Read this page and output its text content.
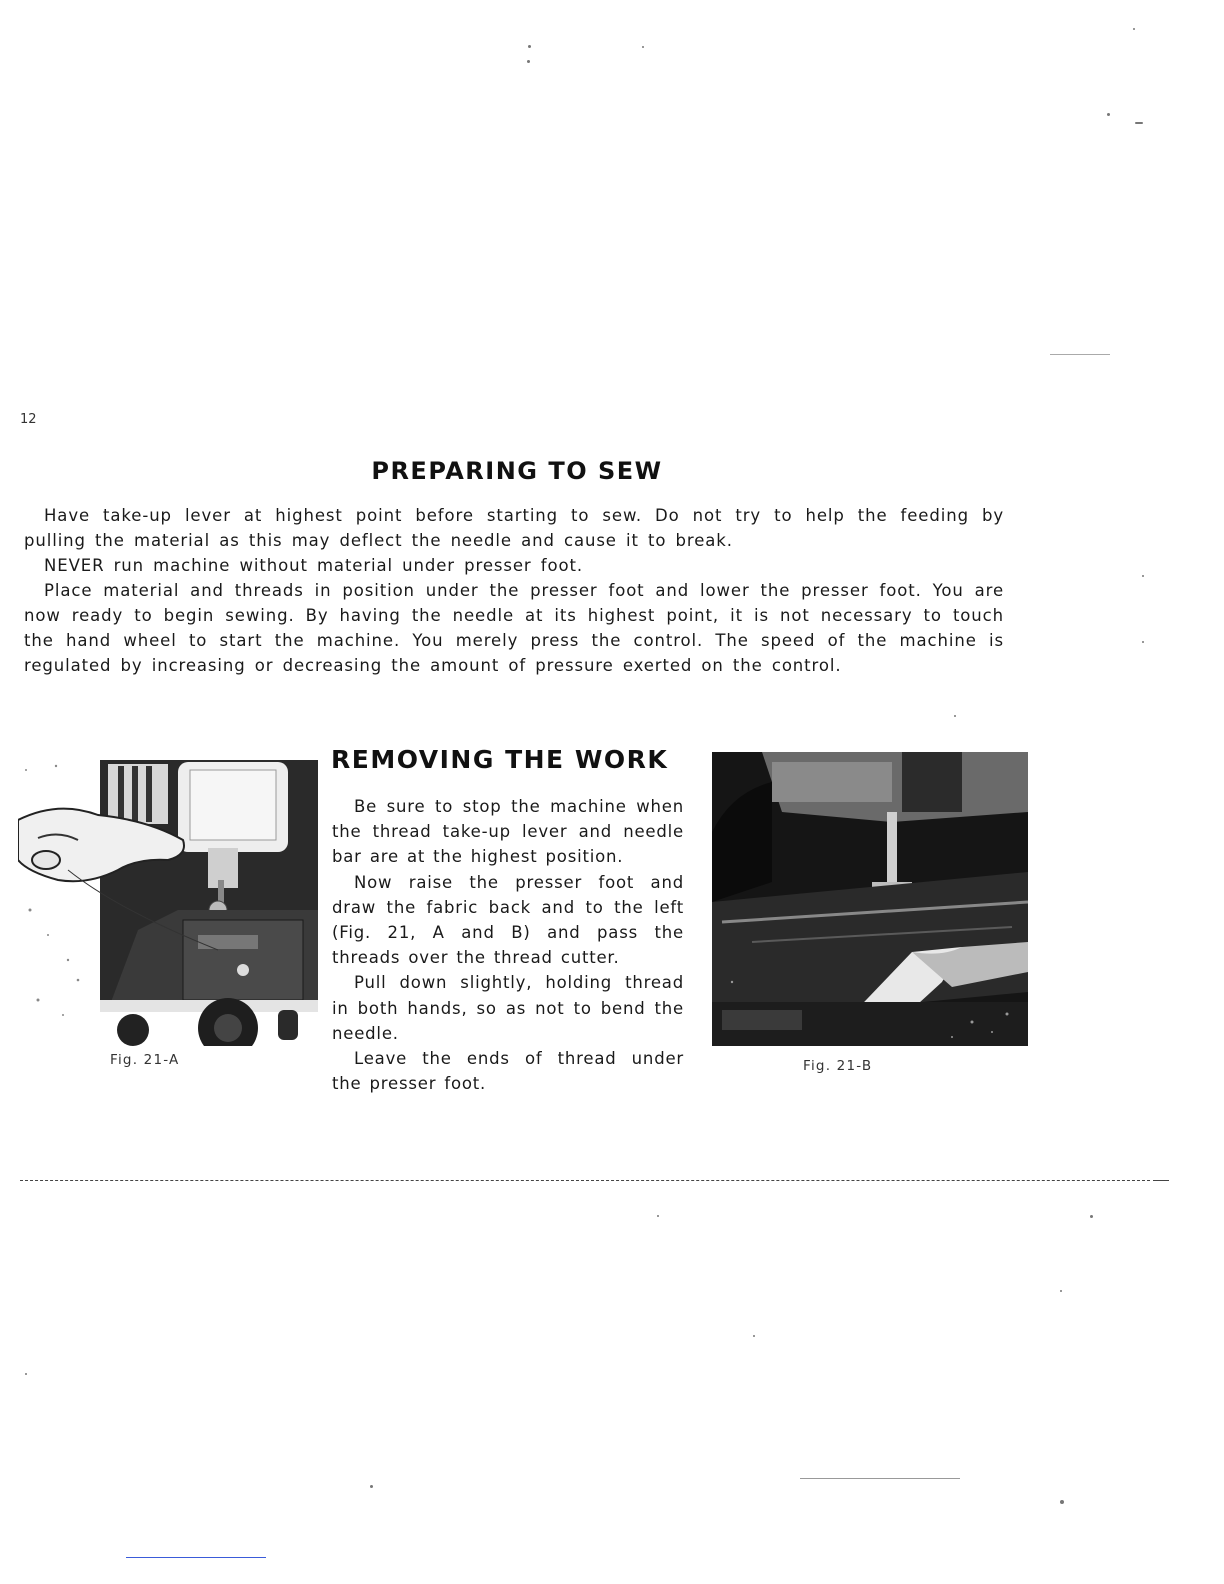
12
PREPARING TO SEW

Have take-up lever at highest point before starting to sew. Do not try to help the feeding by pulling the material as this may deflect the needle and cause it to break.

NEVER run machine without material under presser foot.

Place material and threads in position under the presser foot and lower the presser foot. You are now ready to begin sewing. By having the needle at its highest point, it is not necessary to touch the hand wheel to start the machine. You merely press the control. The speed of the machine is regulated by increasing or decreasing the amount of pressure exerted on the control.

Fig. 21-A
REMOVING THE WORK

Be sure to stop the machine when the thread take-up lever and needle bar are at the highest position.

Now raise the presser foot and draw the fabric back and to the left (Fig. 21, A and B) and pass the threads over the thread cutter.

Pull down slightly, holding thread in both hands, so as not to bend the needle.

Leave the ends of thread under the presser foot.

Fig. 21-B
